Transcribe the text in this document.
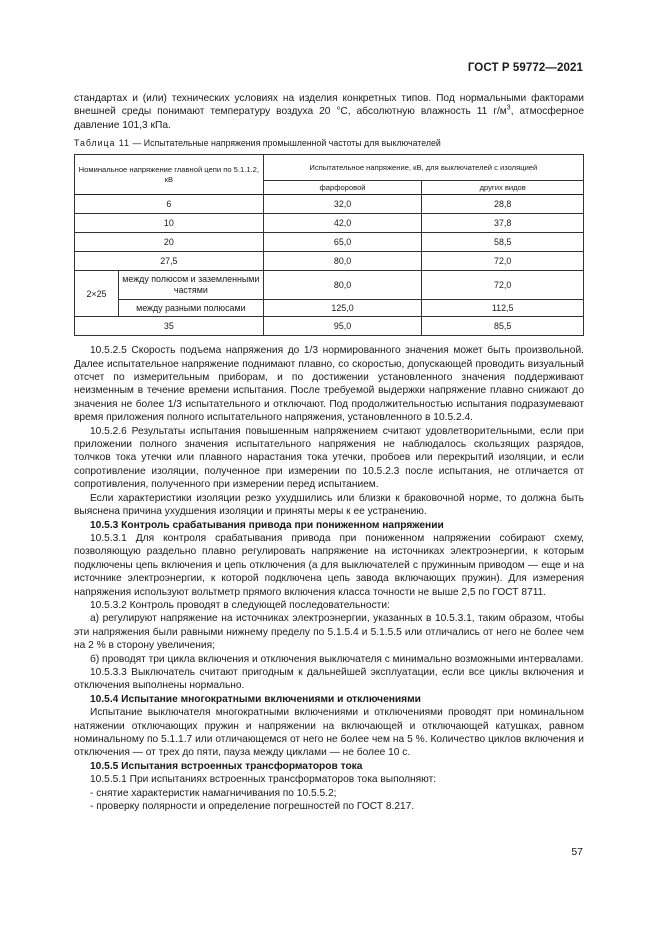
ГОСТ Р 59772—2021

стандартах и (или) технических условиях на изделия конкретных типов. Под нормальными факторами внешней среды понимают температуру воздуха 20 °С, абсолютную влажность 11 $г/м^3$, атмосферное давление 101,3 кПа.

Таблица 11 — Испытательные напряжения промышленной частоты для выключателей

Номинальное напряжение главной цепи по 5.1.1.2, кВ		Испытательное напряжение, кВ, для выключателей с изоляцией	
		фарфоровой	других видов
6		32,0	28,8
10		42,0	37,8
20		65,0	58,5
27,5		80,0	72,0
2×25	между полюсом и заземленными частями	80,0	72,0
	между разными полюсами	125,0	112,5
35		95,0	85,5

10.5.2.5 Скорость подъема напряжения до 1/3 нормированного значения может быть произвольной. Далее испытательное напряжение поднимают плавно, со скоростью, допускающей проводить визуальный отсчет по измерительным приборам, и по достижении установленного значения поддерживают неизменным в течение времени испытания. После требуемой выдержки напряжение плавно снижают до значения не более 1/3 испытательного и отключают. Под продолжительностью испытания подразумевают время приложения полного испытательного напряжения, установленного в 10.5.2.4.

10.5.2.6 Результаты испытания повышенным напряжением считают удовлетворительными, если при приложении полного значения испытательного напряжения не наблюдалось скользящих разрядов, толчков тока утечки или плавного нарастания тока утечки, пробоев или перекрытий изоляции, и если сопротивление изоляции, полученное при измерении по 10.5.2.3 после испытания, не отличается от сопротивления, полученного при измерении перед испытанием.

Если характеристики изоляции резко ухудшились или близки к браковочной норме, то должна быть выяснена причина ухудшения изоляции и приняты меры к ее устранению.

10.5.3 Контроль срабатывания привода при пониженном напряжении

10.5.3.1 Для контроля срабатывания привода при пониженном напряжении собирают схему, позволяющую раздельно плавно регулировать напряжение на источниках электроэнергии, к которым подключены цепь включения и цепь отключения (а для выключателей с пружинным приводом — еще и на источнике электроэнергии, к которой подключена цепь завода включающих пружин). Для измерения напряжения используют вольтметр прямого включения класса точности не выше 2,5 по ГОСТ 8711.

10.5.3.2 Контроль проводят в следующей последовательности:

а) регулируют напряжение на источниках электроэнергии, указанных в 10.5.3.1, таким образом, чтобы эти напряжения были равными нижнему пределу по 5.1.5.4 и 5.1.5.5 или отличались от него не более чем на 2 % в сторону увеличения;

б) проводят три цикла включения и отключения выключателя с минимально возможными интервалами.

10.5.3.3 Выключатель считают пригодным к дальнейшей эксплуатации, если все циклы включения и отключения выполнены нормально.

10.5.4 Испытание многократными включениями и отключениями

Испытание выключателя многократными включениями и отключениями проводят при номинальном натяжении отключающих пружин и напряжении на включающей и отключающей катушках, равном номинальному по 5.1.1.7 или отличающемся от него не более чем на 5 %. Количество циклов включения и отключения — от трех до пяти, пауза между циклами — не более 10 с.

10.5.5 Испытания встроенных трансформаторов тока

10.5.5.1 При испытаниях встроенных трансформаторов тока выполняют:

- снятие характеристик намагничивания по 10.5.5.2;

- проверку полярности и определение погрешностей по ГОСТ 8.217.

57
